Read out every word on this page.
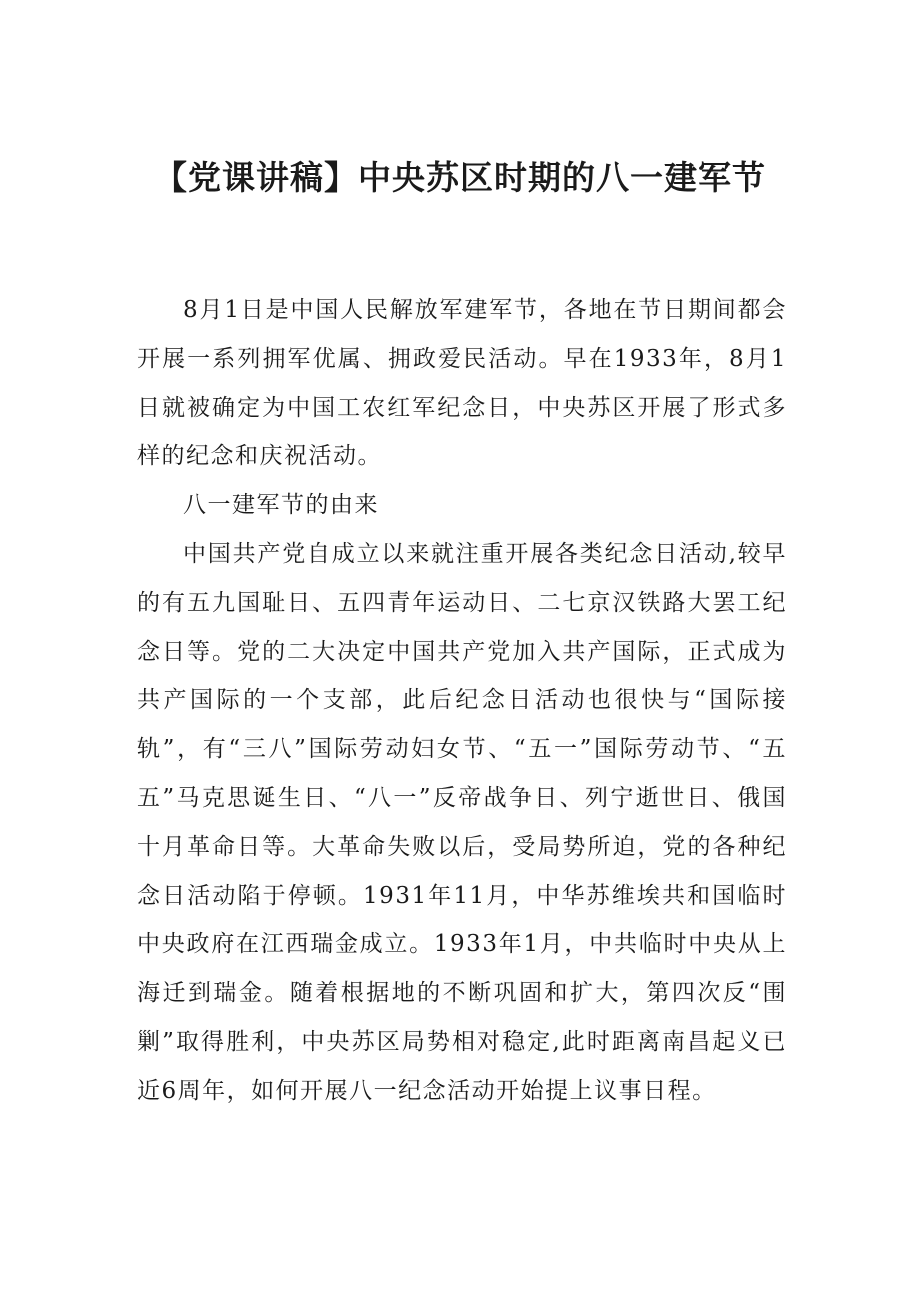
【党课讲稿】中央苏区时期的八一建军节

8月1日是中国人民解放军建军节，各地在节日期间都会开展一系列拥军优属、拥政爱民活动。早在1933年，8月1日就被确定为中国工农红军纪念日，中央苏区开展了形式多样的纪念和庆祝活动。

八一建军节的由来

中国共产党自成立以来就注重开展各类纪念日活动,较早的有五九国耻日、五四青年运动日、二七京汉铁路大罢工纪念日等。党的二大决定中国共产党加入共产国际，正式成为共产国际的一个支部，此后纪念日活动也很快与“国际接轨”，有“三八”国际劳动妇女节、“五一”国际劳动节、“五五”马克思诞生日、“八一”反帝战争日、列宁逝世日、俄国十月革命日等。大革命失败以后，受局势所迫，党的各种纪念日活动陷于停顿。1931年11月，中华苏维埃共和国临时中央政府在江西瑞金成立。1933年1月，中共临时中央从上海迁到瑞金。随着根据地的不断巩固和扩大，第四次反“围剿”取得胜利，中央苏区局势相对稳定,此时距离南昌起义已近6周年，如何开展八一纪念活动开始提上议事日程。
